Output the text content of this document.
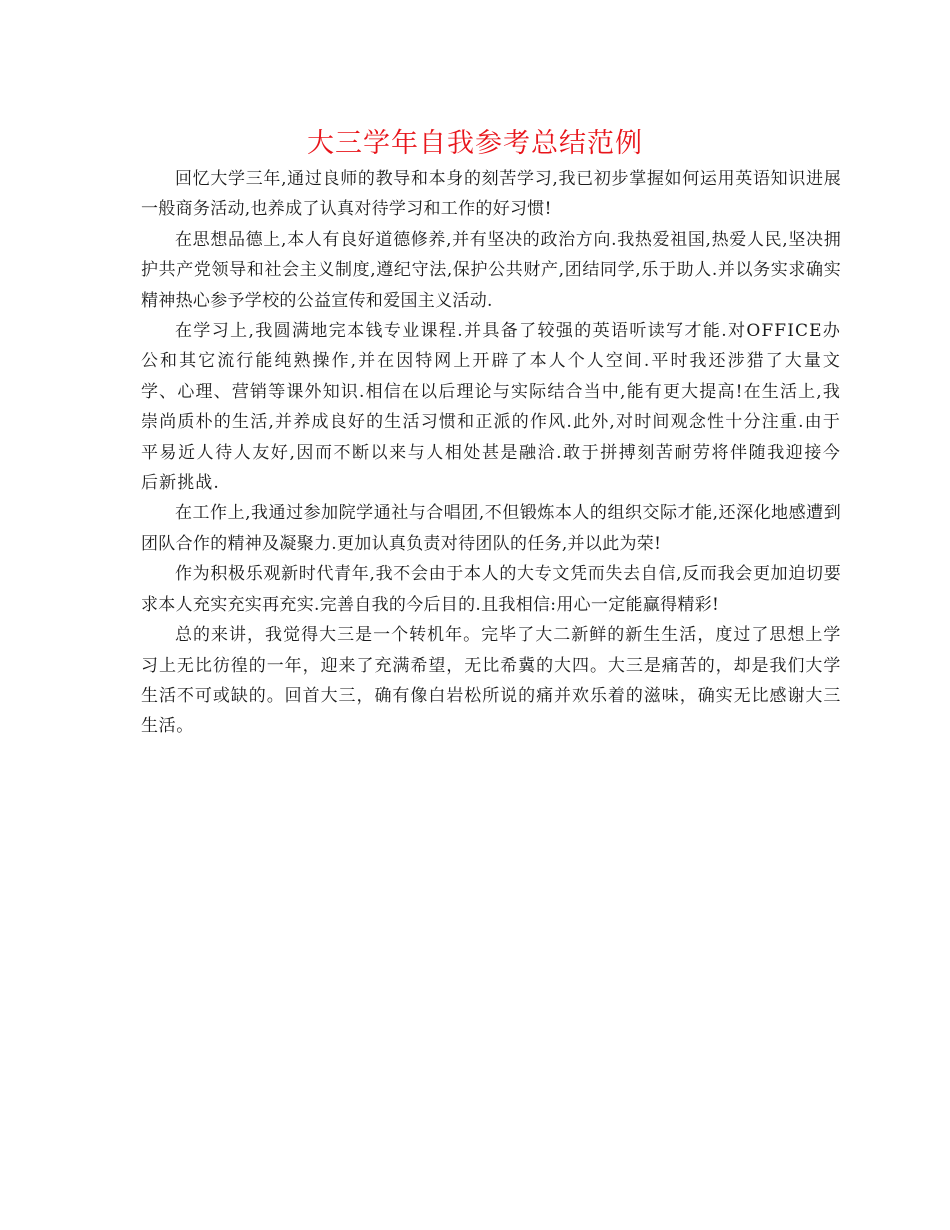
大三学年自我参考总结范例

回忆大学三年,通过良师的教导和本身的刻苦学习,我已初步掌握如何运用英语知识进展一般商务活动,也养成了认真对待学习和工作的好习惯!

在思想品德上,本人有良好道德修养,并有坚决的政治方向.我热爱祖国,热爱人民,坚决拥护共产党领导和社会主义制度,遵纪守法,保护公共财产,团结同学,乐于助人.并以务实求确实精神热心参予学校的公益宣传和爱国主义活动.

在学习上,我圆满地完本钱专业课程.并具备了较强的英语听读写才能.对OFFICE办公和其它流行能纯熟操作,并在因特网上开辟了本人个人空间.平时我还涉猎了大量文学、心理、营销等课外知识.相信在以后理论与实际结合当中,能有更大提高!在生活上,我崇尚质朴的生活,并养成良好的生活习惯和正派的作风.此外,对时间观念性十分注重.由于平易近人待人友好,因而不断以来与人相处甚是融洽.敢于拼搏刻苦耐劳将伴随我迎接今后新挑战.

在工作上,我通过参加院学通社与合唱团,不但锻炼本人的组织交际才能,还深化地感遭到团队合作的精神及凝聚力.更加认真负责对待团队的任务,并以此为荣!

作为积极乐观新时代青年,我不会由于本人的大专文凭而失去自信,反而我会更加迫切要求本人充实充实再充实.完善自我的今后目的.且我相信:用心一定能赢得精彩!

总的来讲，我觉得大三是一个转机年。完毕了大二新鲜的新生生活，度过了思想上学习上无比彷徨的一年，迎来了充满希望，无比希冀的大四。大三是痛苦的，却是我们大学生活不可或缺的。回首大三，确有像白岩松所说的痛并欢乐着的滋味，确实无比感谢大三生活。
